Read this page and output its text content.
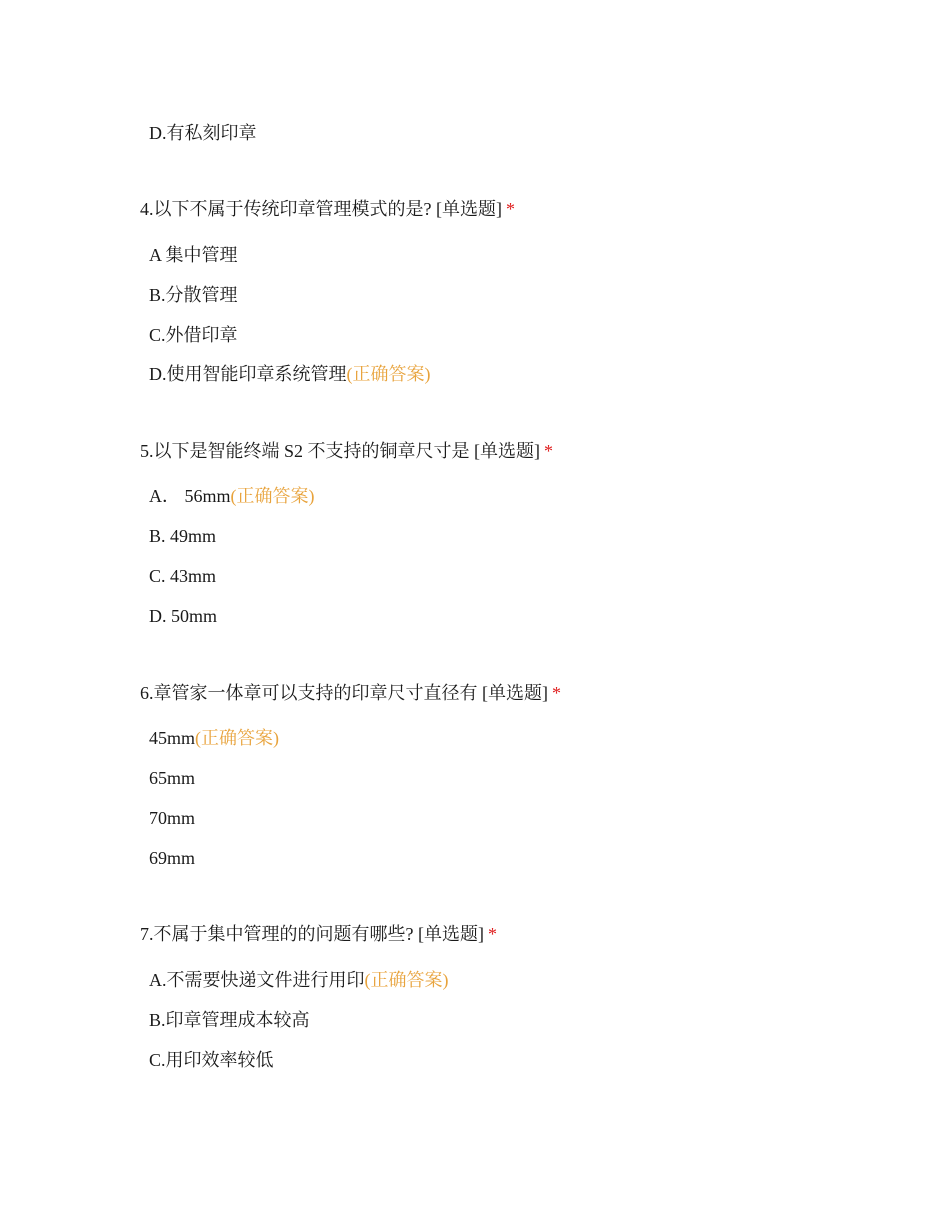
D.有私刻印章
4.以下不属于传统印章管理模式的是? [单选题] *
A 集中管理
B.分散管理
C.外借印章
D.使用智能印章系统管理(正确答案)
5.以下是智能终端 S2 不支持的铜章尺寸是 [单选题] *
A． 56mm(正确答案)
B. 49mm
C. 43mm
D. 50mm
6.章管家一体章可以支持的印章尺寸直径有 [单选题] *
45mm(正确答案)
65mm
70mm
69mm
7.不属于集中管理的的问题有哪些? [单选题] *
A.不需要快递文件进行用印(正确答案)
B.印章管理成本较高
C.用印效率较低
